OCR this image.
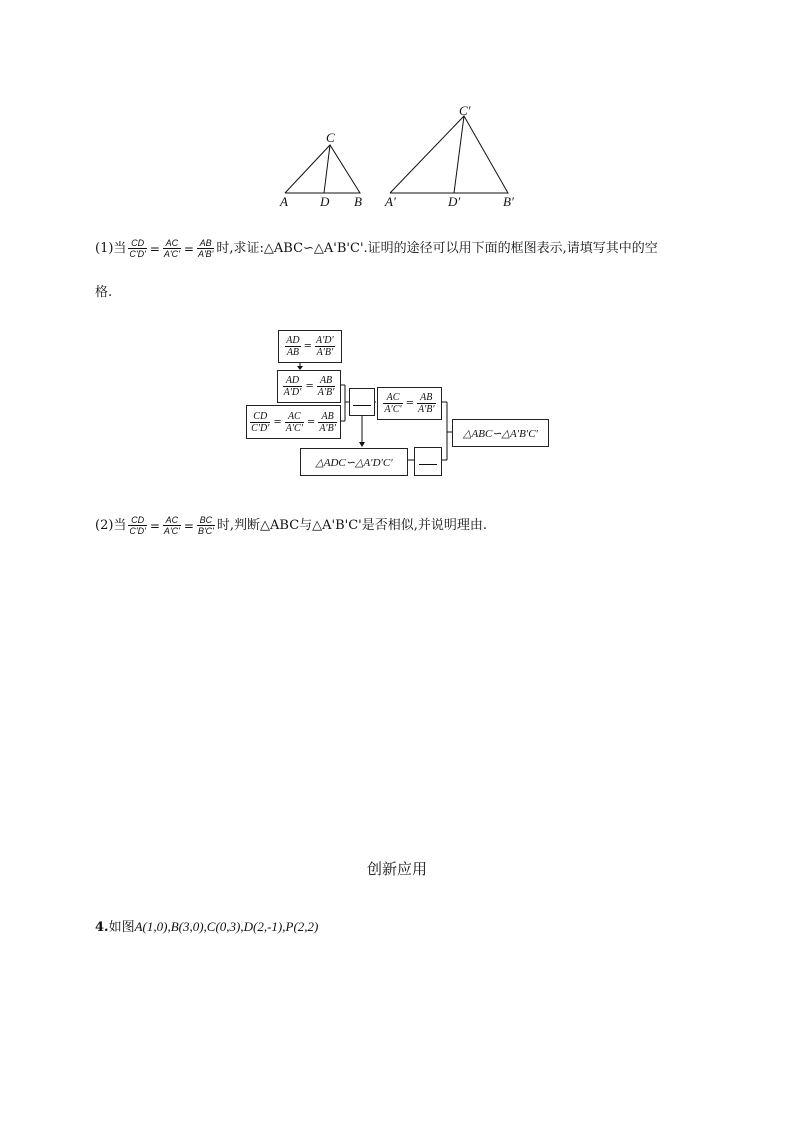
C
A D B
C′
A′	D′	B′
(1)当 $\frac{CD}{C'D'} = \frac{AC}{A'C'} = \frac{AB}{A'B'}$ 时,求证:△ABC∽△A'B'C'.证明的途径可以用下面的框图表示,请填写其中的空
格.
$\frac{AD}{AB} = \frac{A'D'}{A'B'}$
$\frac{AD}{A'D'} = \frac{AB}{A'B'}$
$\frac{CD}{C'D'} = \frac{AC}{A'C'} = \frac{AB}{A'B'}$
$\frac{AC}{A'C'} = \frac{AB}{A'B'}$
△ADC∽△A′D′C′
△ABC∽△A′B′C′
(2)当 $\frac{CD}{C'D'} = \frac{AC}{A'C'} = \frac{BC}{B'C'}$ 时,判断△ABC与△A'B'C'是否相似,并说明理由.
创新应用
4.如图A(1,0),B(3,0),C(0,3),D(2,-1),P(2,2)
